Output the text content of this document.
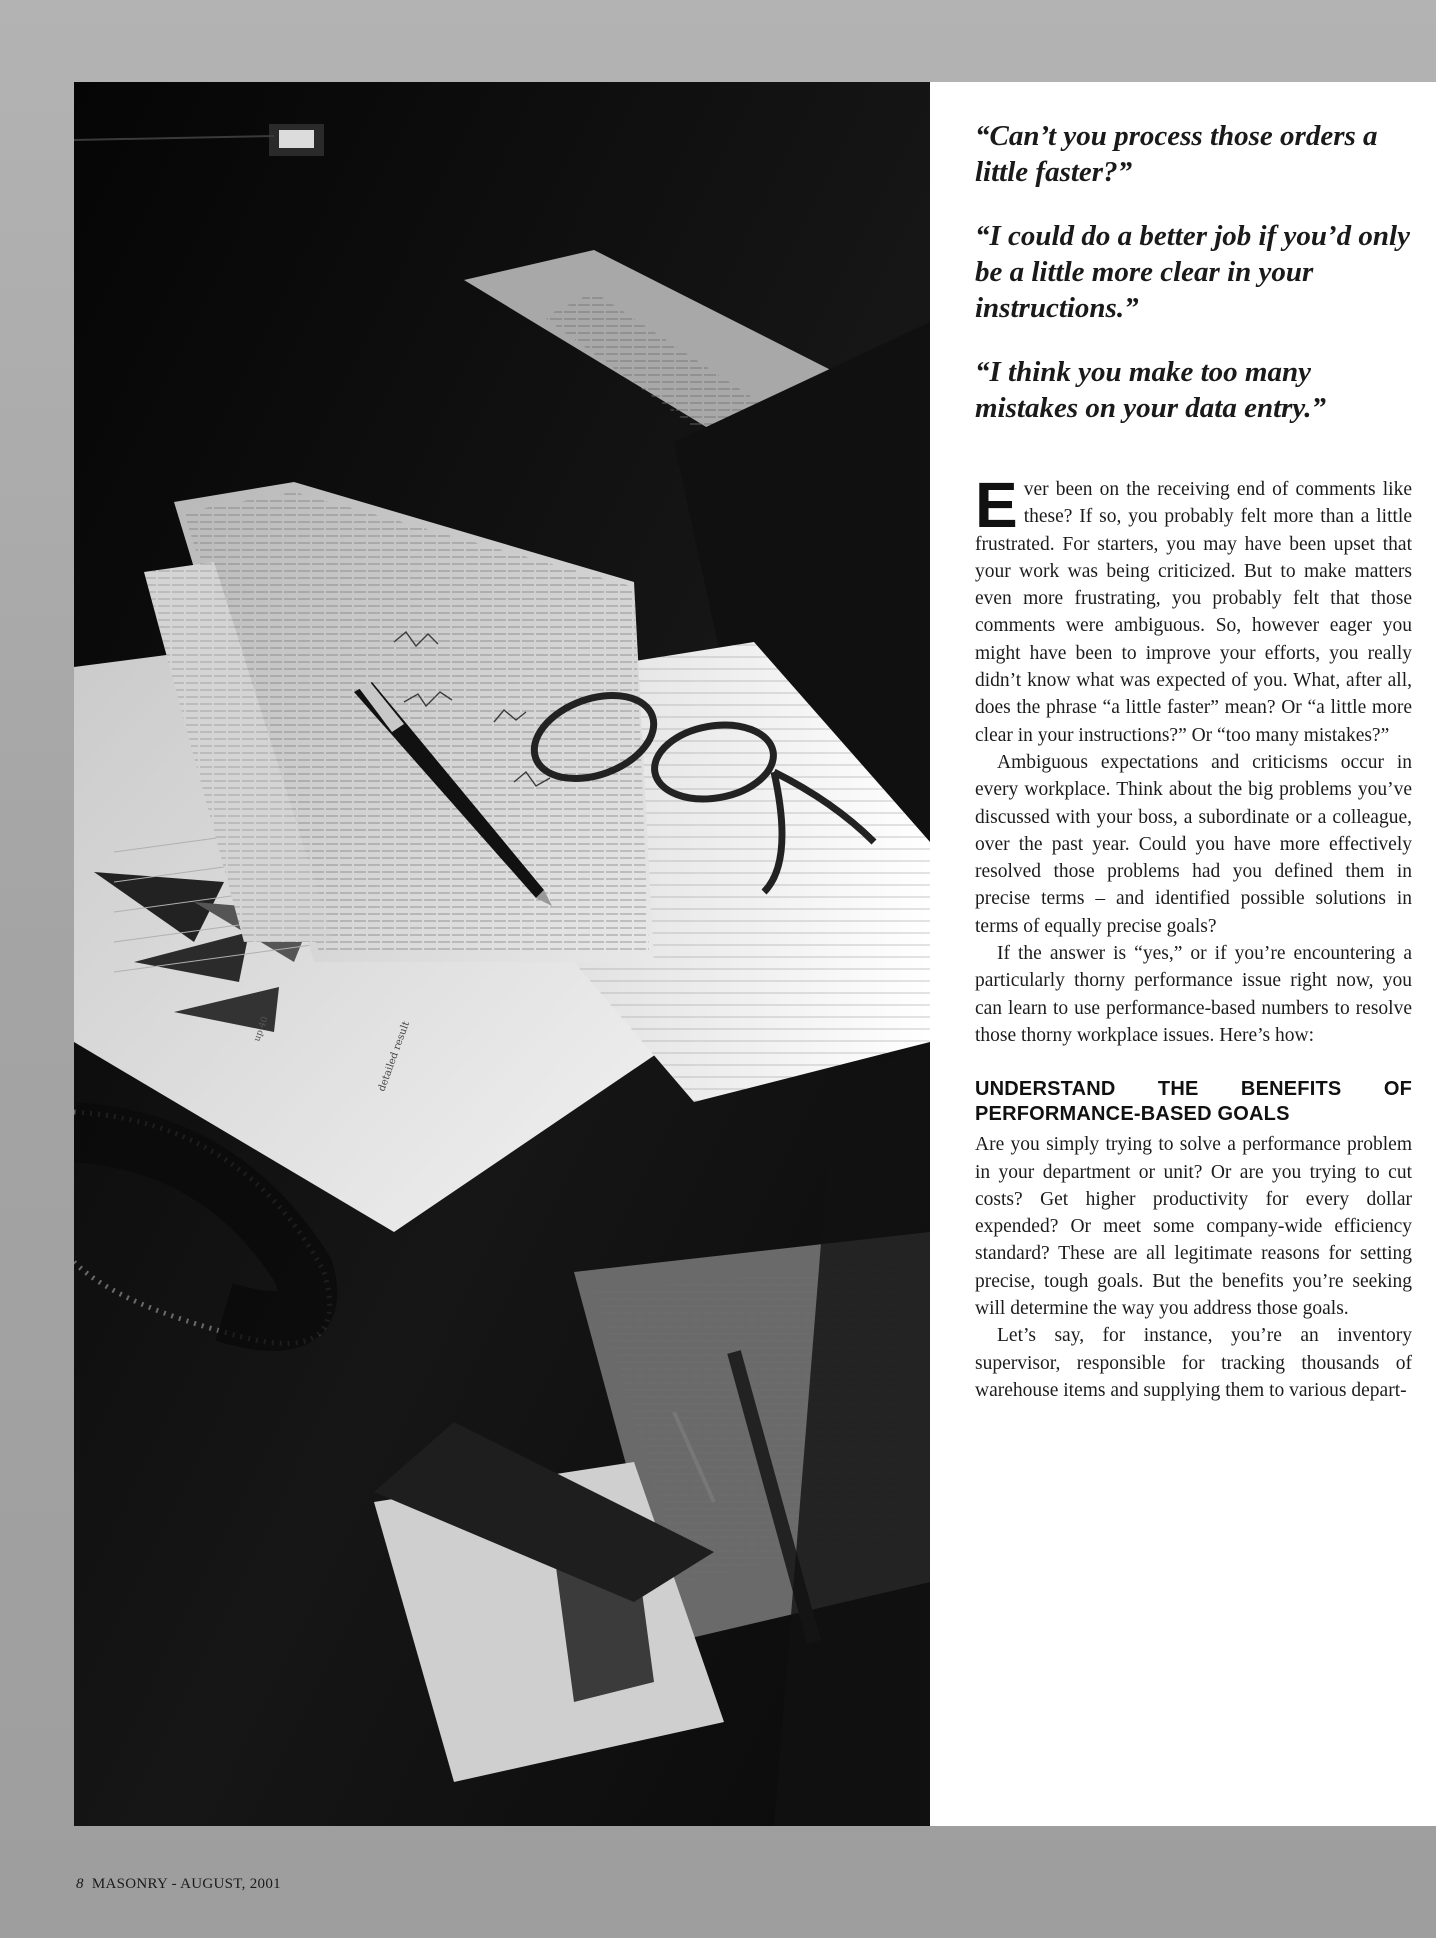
detailed result
up 40

“Can’t you process those orders a little faster?”

“I could do a better job if you’d only be a little more clear in your instructions.”

“I think you make too many mistakes on your data entry.”

Ever been on the receiving end of comments like these? If so, you probably felt more than a little frustrated. For starters, you may have been upset that your work was being criticized. But to make matters even more frustrating, you probably felt that those comments were ambiguous. So, however eager you might have been to improve your efforts, you really didn’t know what was expected of you. What, after all, does the phrase “a little faster” mean? Or “a little more clear in your instructions?” Or “too many mistakes?”

Ambiguous expectations and criticisms occur in every workplace. Think about the big problems you’ve discussed with your boss, a subordinate or a colleague, over the past year. Could you have more effectively resolved those problems had you defined them in precise terms – and identified possible solutions in terms of equally precise goals?

If the answer is “yes,” or if you’re encountering a particularly thorny performance issue right now, you can learn to use performance-based numbers to resolve those thorny workplace issues. Here’s how:

UNDERSTAND THE BENEFITS OF PERFORMANCE-BASED GOALS

Are you simply trying to solve a performance problem in your department or unit? Or are you trying to cut costs? Get higher productivity for every dollar expended? Or meet some company-wide efficiency standard? These are all legitimate reasons for setting precise, tough goals. But the benefits you’re seeking will determine the way you address those goals.

Let’s say, for instance, you’re an inventory supervisor, responsible for tracking thousands of warehouse items and supplying them to various depart-

8 MASONRY - AUGUST, 2001
